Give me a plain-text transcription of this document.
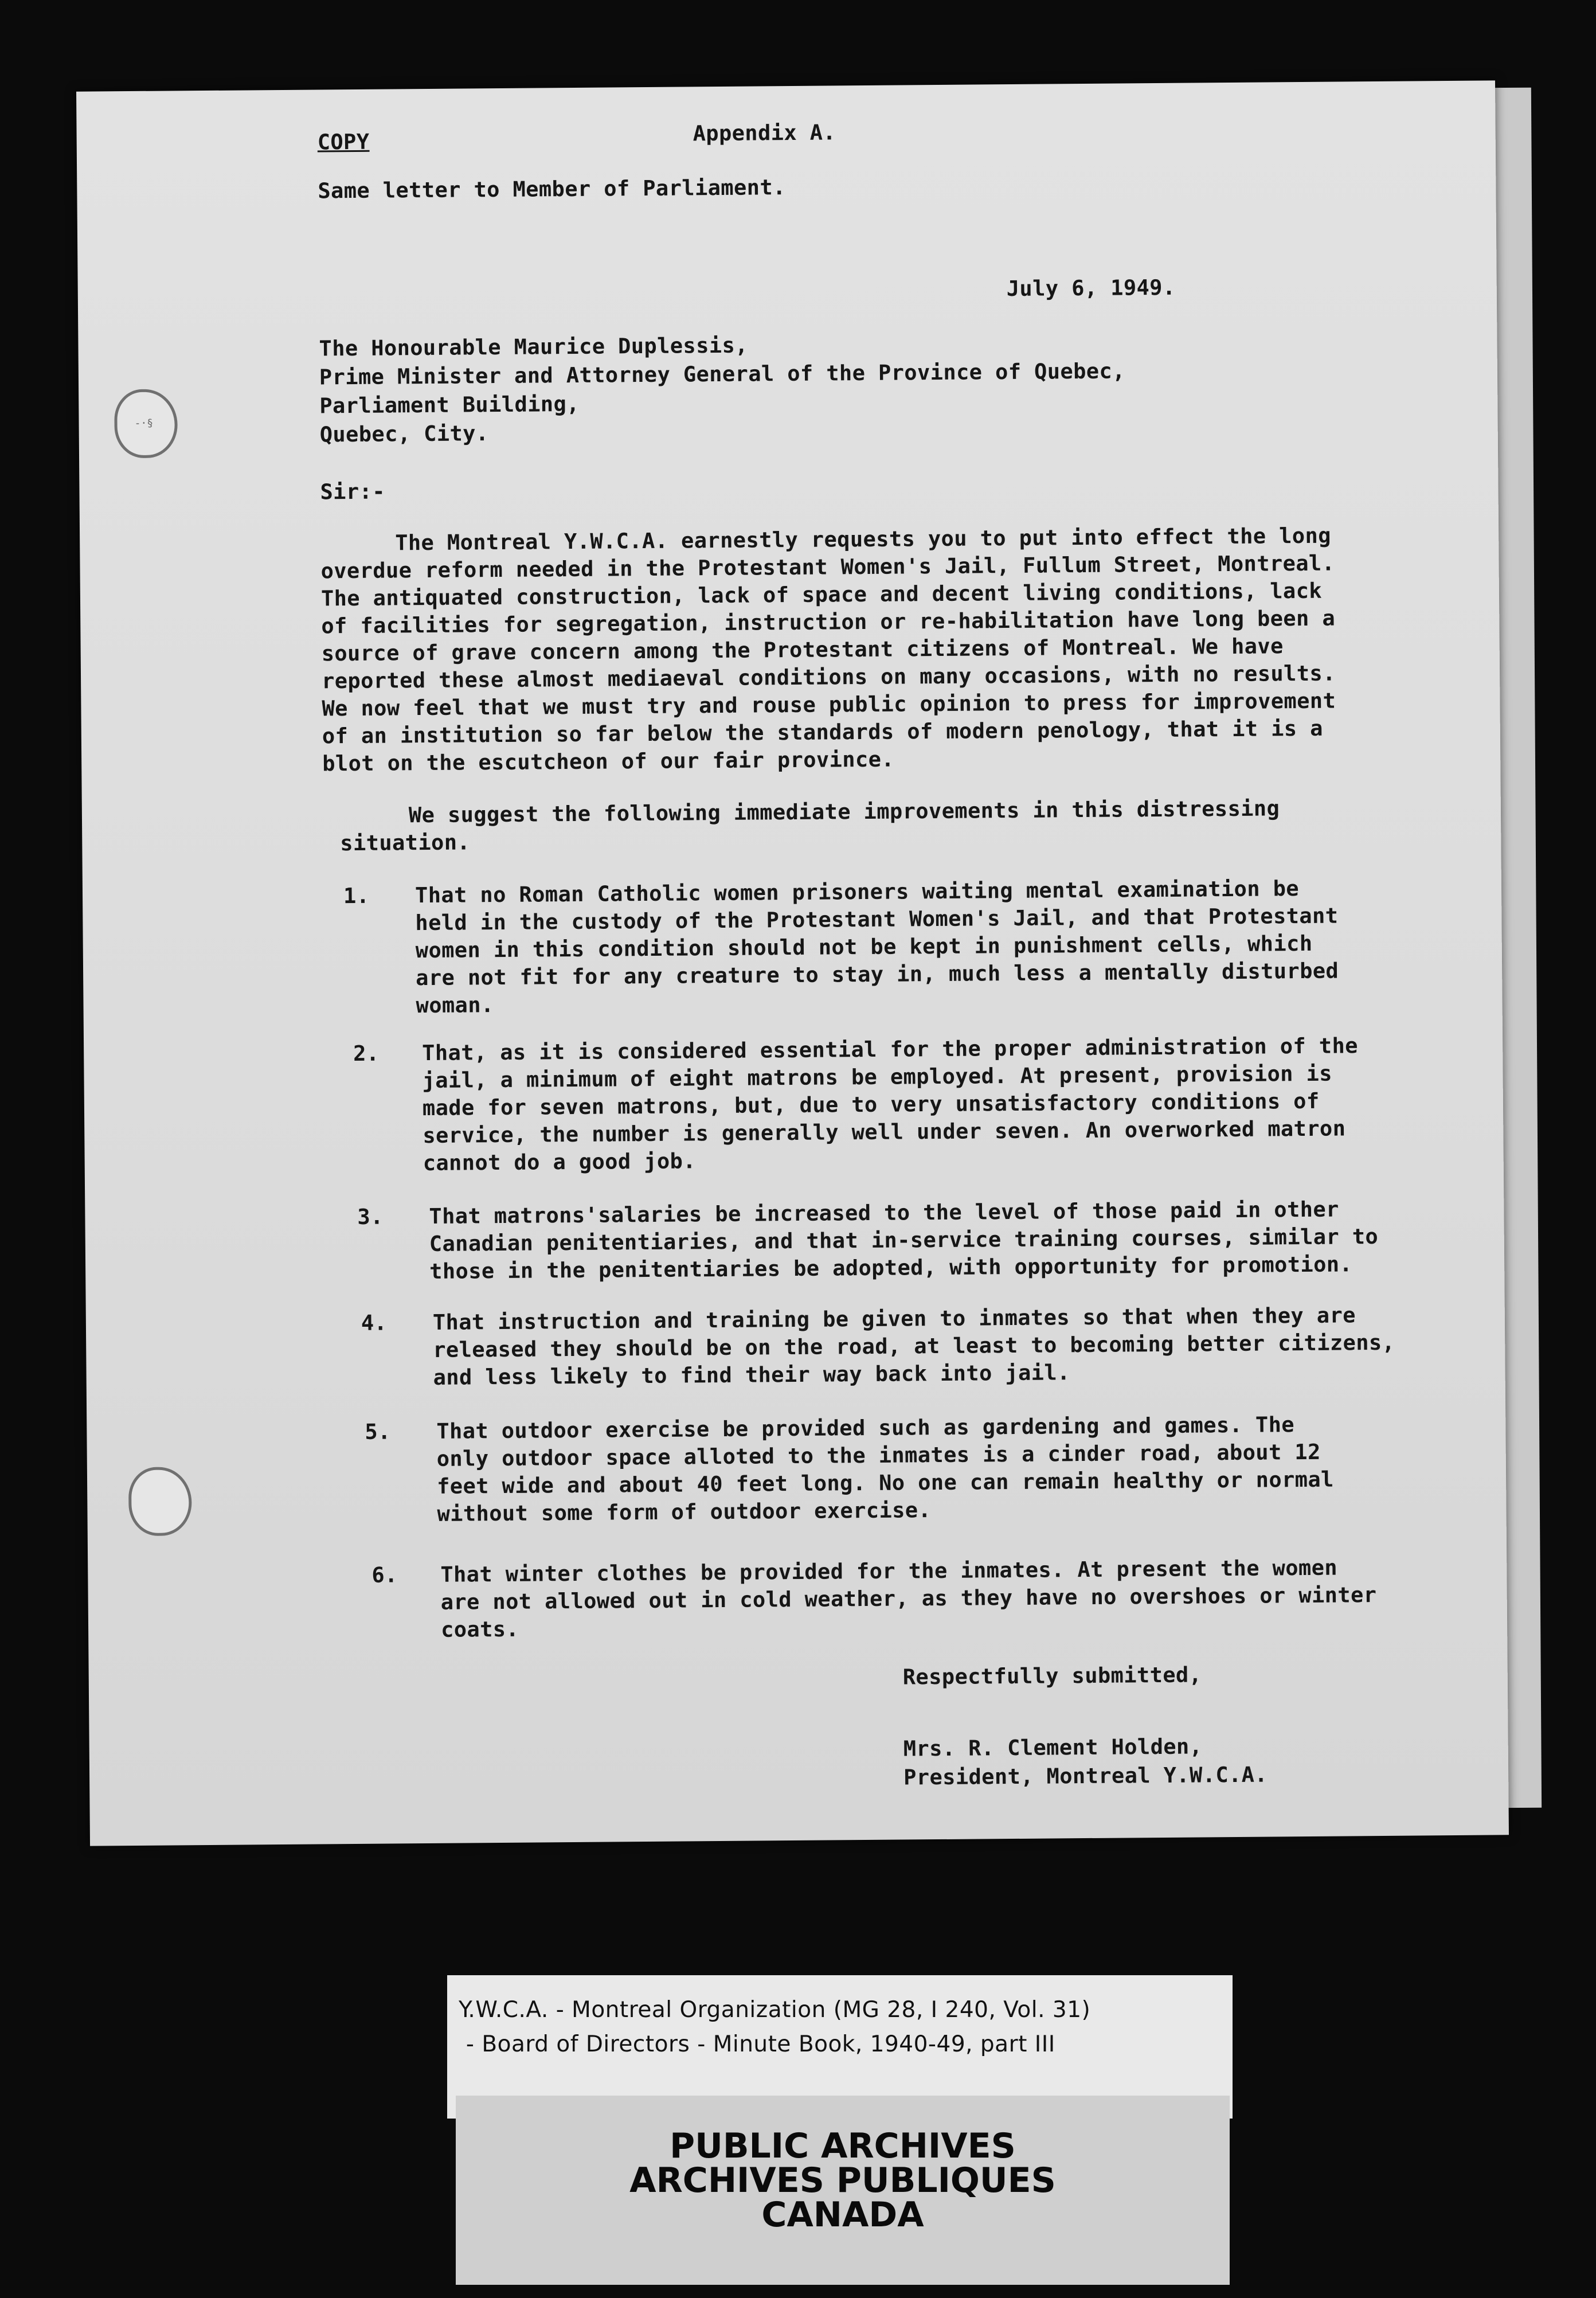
-·§
COPY	Appendix A.
Same letter to Member of Parliament.
July 6, 1949.
The Honourable Maurice Duplessis,
Prime Minister and Attorney General of the Province of Quebec,
Parliament Building,
Quebec, City.
Sir:-
The Montreal Y.W.C.A. earnestly requests you to put into effect the long
overdue reform needed in the Protestant Women's Jail, Fullum Street, Montreal.
The antiquated construction, lack of space and decent living conditions, lack
of facilities for segregation, instruction or re-habilitation have long been a
source of grave concern among the Protestant citizens of Montreal. We have
reported these almost mediaeval conditions on many occasions, with no results.
We now feel that we must try and rouse public opinion to press for improvement
of an institution so far below the standards of modern penology, that it is a
blot on the escutcheon of our fair province.
We suggest the following immediate improvements in this distressing
situation.
1. That no Roman Catholic women prisoners waiting mental examination be
held in the custody of the Protestant Women's Jail, and that Protestant
women in this condition should not be kept in punishment cells, which
are not fit for any creature to stay in, much less a mentally disturbed
woman.
2. That, as it is considered essential for the proper administration of the
jail, a minimum of eight matrons be employed. At present, provision is
made for seven matrons, but, due to very unsatisfactory conditions of
service, the number is generally well under seven. An overworked matron
cannot do a good job.
3. That matrons'salaries be increased to the level of those paid in other
Canadian penitentiaries, and that in-service training courses, similar to
those in the penitentiaries be adopted, with opportunity for promotion.
4. That instruction and training be given to inmates so that when they are
released they should be on the road, at least to becoming better citizens,
and less likely to find their way back into jail.
5. That outdoor exercise be provided such as gardening and games. The
only outdoor space alloted to the inmates is a cinder road, about 12
feet wide and about 40 feet long. No one can remain healthy or normal
without some form of outdoor exercise.
6. That winter clothes be provided for the inmates. At present the women
are not allowed out in cold weather, as they have no overshoes or winter
coats.
Respectfully submitted,
Mrs. R. Clement Holden,
President, Montreal Y.W.C.A.
Y.W.C.A. - Montreal Organization (MG 28, I 240, Vol. 31)
- Board of Directors - Minute Book, 1940-49, part III
PUBLIC ARCHIVES
ARCHIVES PUBLIQUES
CANADA
